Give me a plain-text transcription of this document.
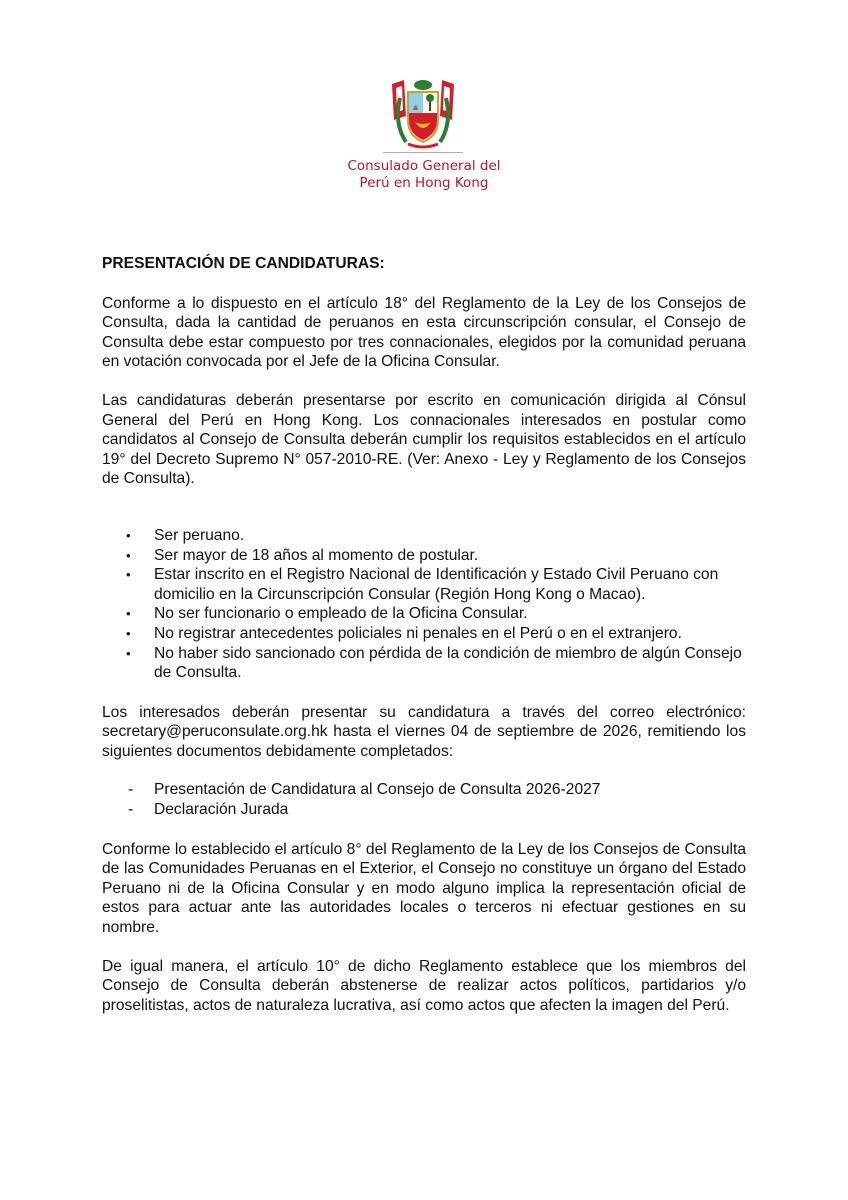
Consulado General del
Perú en Hong Kong

PRESENTACIÓN DE CANDIDATURAS:

Conforme a lo dispuesto en el artículo 18° del Reglamento de la Ley de los Consejos de Consulta, dada la cantidad de peruanos en esta circunscripción consular, el Consejo de Consulta debe estar compuesto por tres connacionales, elegidos por la comunidad peruana en votación convocada por el Jefe de la Oficina Consular.

Las candidaturas deberán presentarse por escrito en comunicación dirigida al Cónsul General del Perú en Hong Kong. Los connacionales interesados en postular como candidatos al Consejo de Consulta deberán cumplir los requisitos establecidos en el artículo 19° del Decreto Supremo N° 057-2010-RE. (Ver: Anexo - Ley y Reglamento de los Consejos de Consulta).

• Ser peruano.
• Ser mayor de 18 años al momento de postular.
• Estar inscrito en el Registro Nacional de Identificación y Estado Civil Peruano con domicilio en la Circunscripción Consular (Región Hong Kong o Macao).
• No ser funcionario o empleado de la Oficina Consular.
• No registrar antecedentes policiales ni penales en el Perú o en el extranjero.
• No haber sido sancionado con pérdida de la condición de miembro de algún Consejo de Consulta.

Los interesados deberán presentar su candidatura a través del correo electrónico: secretary@peruconsulate.org.hk hasta el viernes 04 de septiembre de 2026, remitiendo los siguientes documentos debidamente completados:

- Presentación de Candidatura al Consejo de Consulta 2026-2027
- Declaración Jurada

Conforme lo establecido el artículo 8° del Reglamento de la Ley de los Consejos de Consulta de las Comunidades Peruanas en el Exterior, el Consejo no constituye un órgano del Estado Peruano ni de la Oficina Consular y en modo alguno implica la representación oficial de estos para actuar ante las autoridades locales o terceros ni efectuar gestiones en su nombre.

De igual manera, el artículo 10° de dicho Reglamento establece que los miembros del Consejo de Consulta deberán abstenerse de realizar actos políticos, partidarios y/o proselitistas, actos de naturaleza lucrativa, así como actos que afecten la imagen del Perú.
